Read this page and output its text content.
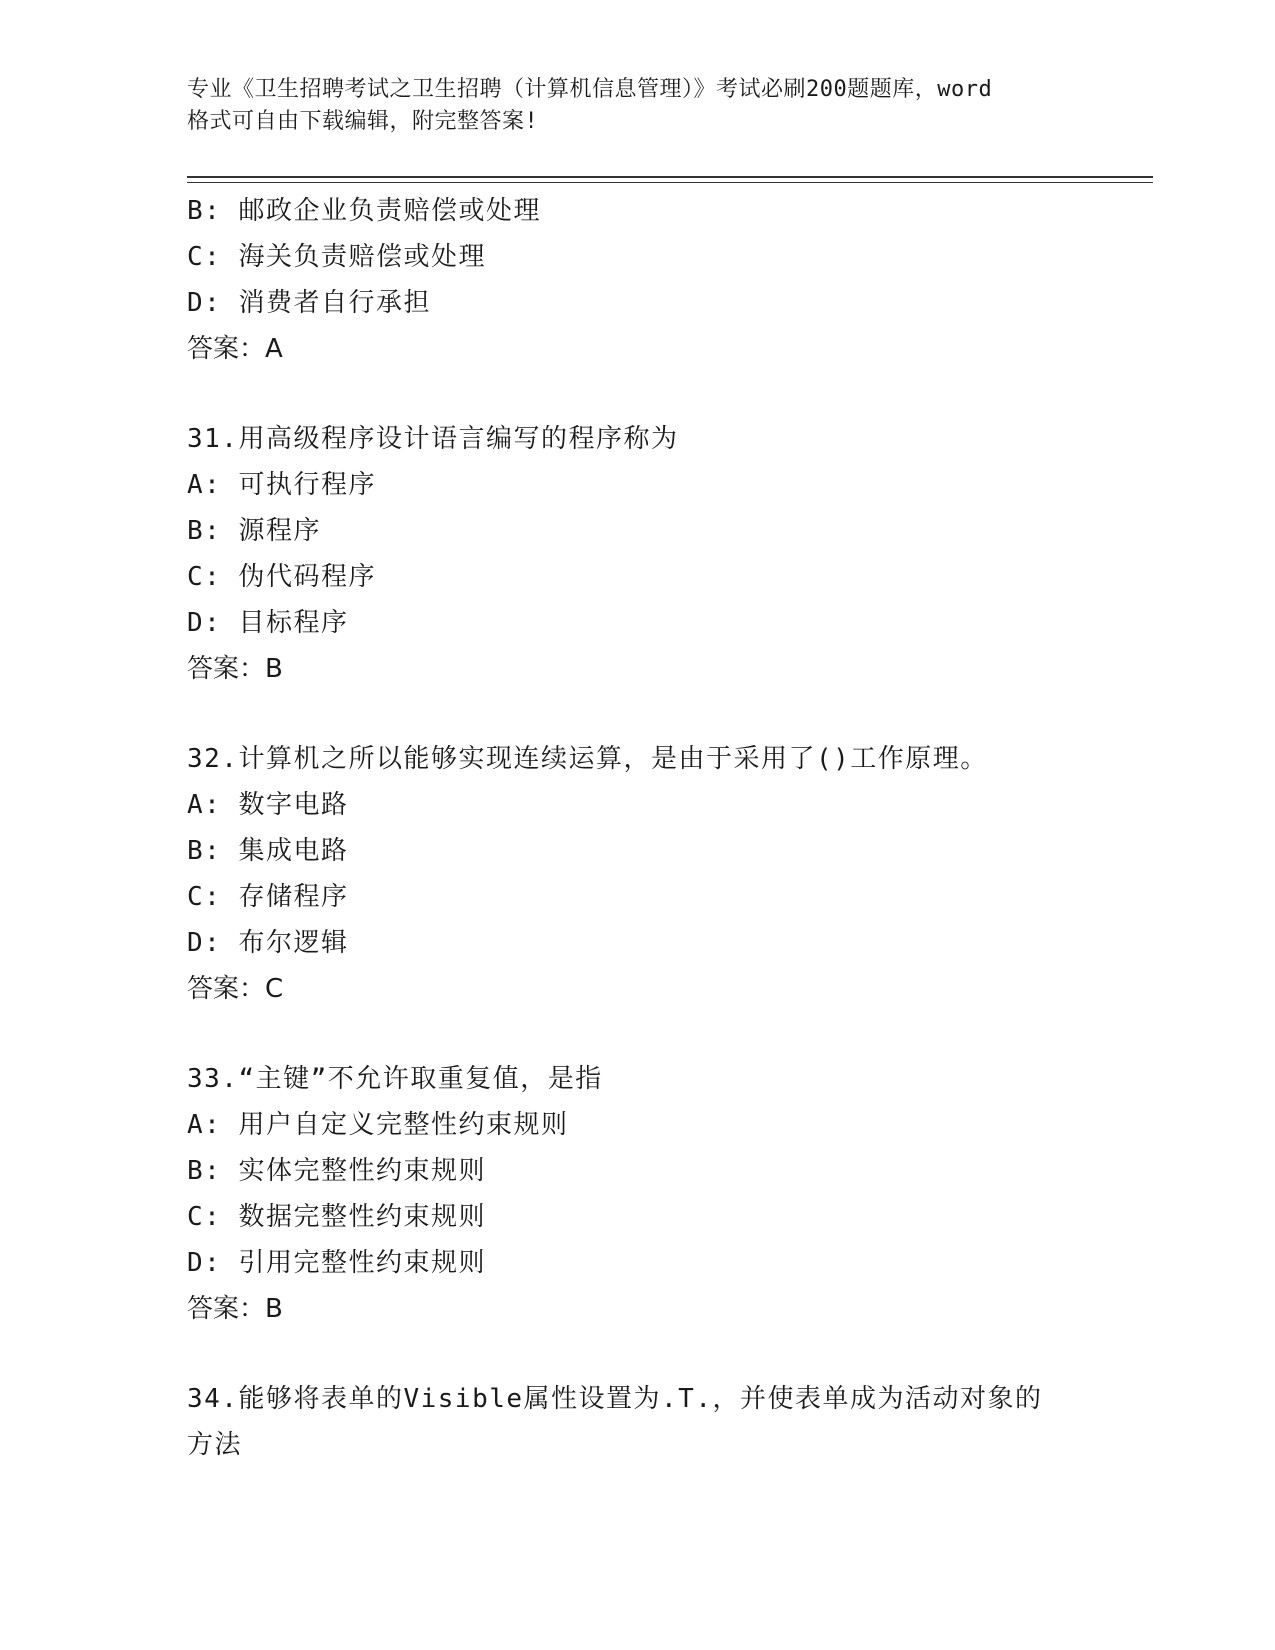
专业《卫生招聘考试之卫生招聘（计算机信息管理）》考试必刷200题题库，word
格式可自由下载编辑，附完整答案!
B: 邮政企业负责赔偿或处理
C: 海关负责赔偿或处理
D: 消费者自行承担
答案：A
31.用高级程序设计语言编写的程序称为
A: 可执行程序
B: 源程序
C: 伪代码程序
D: 目标程序
答案：B
32.计算机之所以能够实现连续运算，是由于采用了()工作原理。
A: 数字电路
B: 集成电路
C: 存储程序
D: 布尔逻辑
答案：C
33.“主键”不允许取重复值，是指
A: 用户自定义完整性约束规则
B: 实体完整性约束规则
C: 数据完整性约束规则
D: 引用完整性约束规则
答案：B
34.能够将表单的Visible属性设置为.T.，并使表单成为活动对象的
方法
